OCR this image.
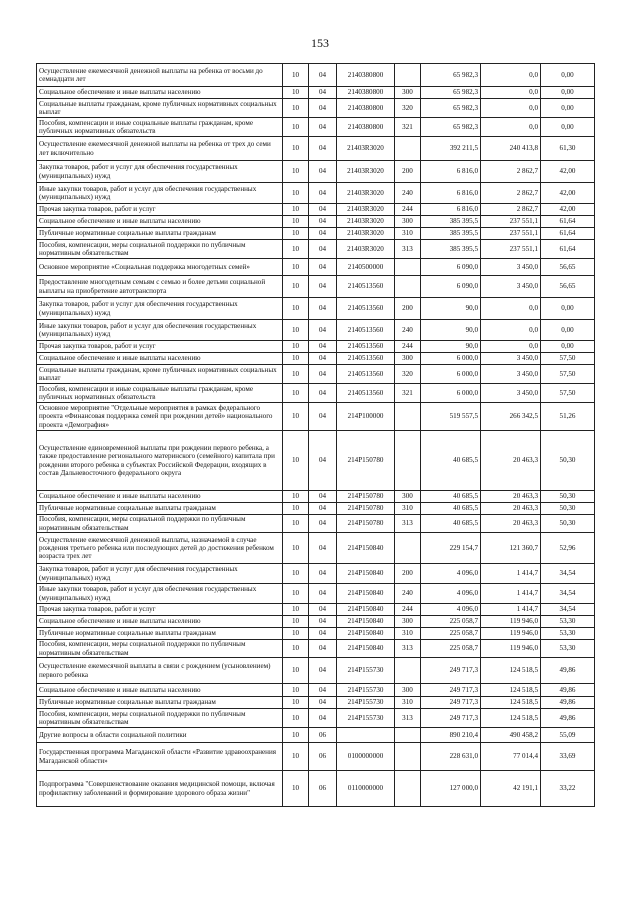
153
Осуществление ежемесячной денежной выплаты на ребенка от восьми до семнадцати лет	10	04	2140380800		65 982,3	0,0	0,00
Социальное обеспечение и иные выплаты населению	10	04	2140380800	300	65 982,3	0,0	0,00
Социальные выплаты гражданам, кроме публичных нормативных социальных выплат	10	04	2140380800	320	65 982,3	0,0	0,00
Пособия, компенсации и иные социальные выплаты гражданам, кроме публичных нормативных обязательств	10	04	2140380800	321	65 982,3	0,0	0,00
Осуществление ежемесячной денежной выплаты на ребенка от трех до семи лет включительно	10	04	21403R3020		392 211,5	240 413,8	61,30
Закупка товаров, работ и услуг для обеспечения государственных (муниципальных) нужд	10	04	21403R3020	200	6 816,0	2 862,7	42,00
Иные закупки товаров, работ и услуг для обеспечения государственных (муниципальных) нужд	10	04	21403R3020	240	6 816,0	2 862,7	42,00
Прочая закупка товаров, работ и услуг	10	04	21403R3020	244	6 816,0	2 862,7	42,00
Социальное обеспечение и иные выплаты населению	10	04	21403R3020	300	385 395,5	237 551,1	61,64
Публичные нормативные социальные выплаты гражданам	10	04	21403R3020	310	385 395,5	237 551,1	61,64
Пособия, компенсации, меры социальной поддержки по публичным нормативным обязательствам	10	04	21403R3020	313	385 395,5	237 551,1	61,64
Основное мероприятие «Социальная поддержка многодетных семей»	10	04	2140500000		6 090,0	3 450,0	56,65
Предоставление многодетным семьям с семью и более детьми социальной выплаты на приобретение автотранспорта	10	04	2140513560		6 090,0	3 450,0	56,65
Закупка товаров, работ и услуг для обеспечения государственных (муниципальных) нужд	10	04	2140513560	200	90,0	0,0	0,00
Иные закупки товаров, работ и услуг для обеспечения государственных (муниципальных) нужд	10	04	2140513560	240	90,0	0,0	0,00
Прочая закупка товаров, работ и услуг	10	04	2140513560	244	90,0	0,0	0,00
Социальное обеспечение и иные выплаты населению	10	04	2140513560	300	6 000,0	3 450,0	57,50
Социальные выплаты гражданам, кроме публичных нормативных социальных выплат	10	04	2140513560	320	6 000,0	3 450,0	57,50
Пособия, компенсации и иные социальные выплаты гражданам, кроме публичных нормативных обязательств	10	04	2140513560	321	6 000,0	3 450,0	57,50
Основное мероприятие "Отдельные мероприятия в рамках федерального проекта «Финансовая поддержка семей при рождении детей» национального проекта «Демография»	10	04	214P100000		519 557,5	266 342,5	51,26
Осуществление единовременной выплаты при рождении первого ребенка, а также предоставление регионального материнского (семейного) капитала при рождении второго ребенка в субъектах Российской Федерации, входящих в состав Дальневосточного федерального округа	10	04	214P150780		40 685,5	20 463,3	50,30
Социальное обеспечение и иные выплаты населению	10	04	214P150780	300	40 685,5	20 463,3	50,30
Публичные нормативные социальные выплаты гражданам	10	04	214P150780	310	40 685,5	20 463,3	50,30
Пособия, компенсации, меры социальной поддержки по публичным нормативным обязательствам	10	04	214P150780	313	40 685,5	20 463,3	50,30
Осуществление ежемесячной денежной выплаты, назначаемой в случае рождения третьего ребенка или последующих детей до достижения ребенком возраста трех лет	10	04	214P150840		229 154,7	121 360,7	52,96
Закупка товаров, работ и услуг для обеспечения государственных (муниципальных) нужд	10	04	214P150840	200	4 096,0	1 414,7	34,54
Иные закупки товаров, работ и услуг для обеспечения государственных (муниципальных) нужд	10	04	214P150840	240	4 096,0	1 414,7	34,54
Прочая закупка товаров, работ и услуг	10	04	214P150840	244	4 096,0	1 414,7	34,54
Социальное обеспечение и иные выплаты населению	10	04	214P150840	300	225 058,7	119 946,0	53,30
Публичные нормативные социальные выплаты гражданам	10	04	214P150840	310	225 058,7	119 946,0	53,30
Пособия, компенсации, меры социальной поддержки по публичным нормативным обязательствам	10	04	214P150840	313	225 058,7	119 946,0	53,30
Осуществление ежемесячной выплаты в связи с рождением (усыновлением) первого ребенка	10	04	214P155730		249 717,3	124 518,5	49,86
Социальное обеспечение и иные выплаты населению	10	04	214P155730	300	249 717,3	124 518,5	49,86
Публичные нормативные социальные выплаты гражданам	10	04	214P155730	310	249 717,3	124 518,5	49,86
Пособия, компенсации, меры социальной поддержки по публичным нормативным обязательствам	10	04	214P155730	313	249 717,3	124 518,5	49,86
Другие вопросы в области социальной политики	10	06			890 210,4	490 458,2	55,09
Государственная программа Магаданской области «Развитие здравоохранения Магаданской области»	10	06	0100000000		228 631,0	77 014,4	33,69
Подпрограмма "Совершенствование оказания медицинской помощи, включая профилактику заболеваний и формирование здорового образа жизни"	10	06	0110000000		127 000,0	42 191,1	33,22
